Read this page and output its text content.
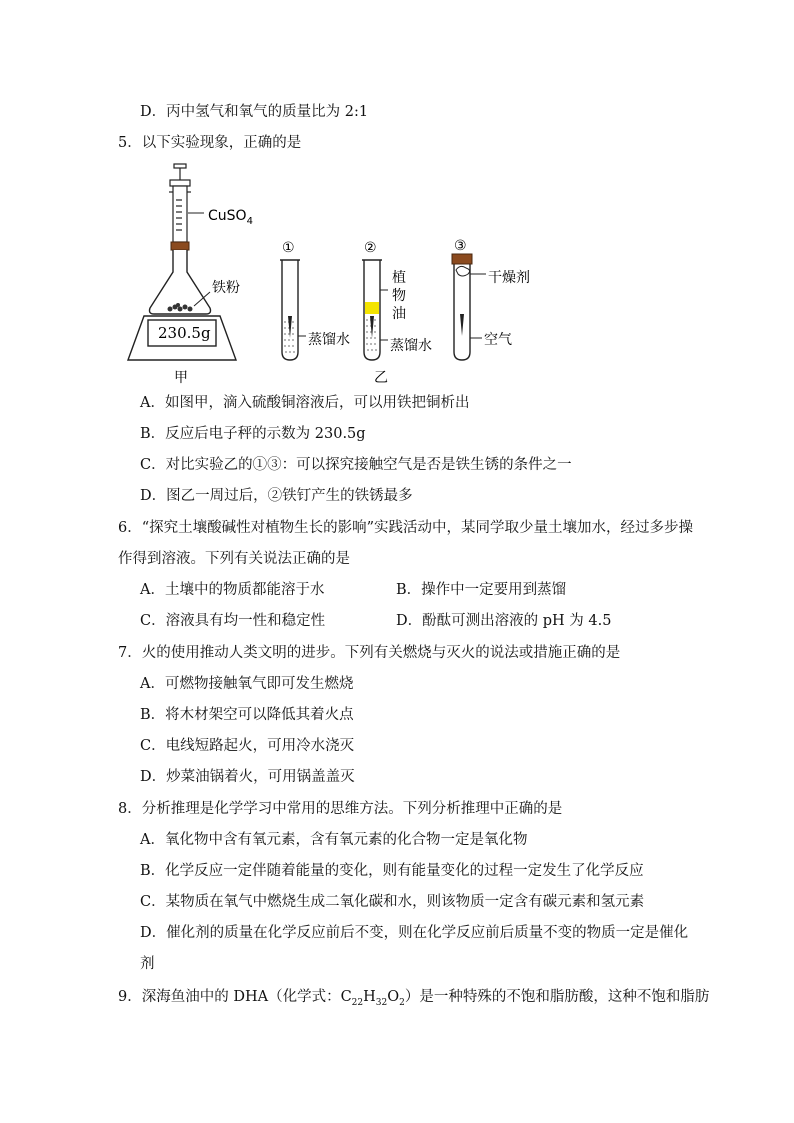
D．丙中氢气和氧气的质量比为 2:1
5．以下实验现象，正确的是
CuSO$_4$
铁粉
230.5g
甲
①
蒸馏水
②
植
物
油
蒸馏水
③
干燥剂
空气
乙
A．如图甲，滴入硫酸铜溶液后，可以用铁把铜析出
B．反应后电子秤的示数为 230.5g
C．对比实验乙的①③：可以探究接触空气是否是铁生锈的条件之一
D．图乙一周过后，②铁钉产生的铁锈最多
6．“探究土壤酸碱性对植物生长的影响”实践活动中，某同学取少量土壤加水，经过多步操
作得到溶液。下列有关说法正确的是
A．土壤中的物质都能溶于水	B．操作中一定要用到蒸馏
C．溶液具有均一性和稳定性	D．酚酞可测出溶液的 pH 为 4.5
7．火的使用推动人类文明的进步。下列有关燃烧与灭火的说法或措施正确的是
A．可燃物接触氧气即可发生燃烧
B．将木材架空可以降低其着火点
C．电线短路起火，可用冷水浇灭
D．炒菜油锅着火，可用锅盖盖灭
8．分析推理是化学学习中常用的思维方法。下列分析推理中正确的是
A．氧化物中含有氧元素，含有氧元素的化合物一定是氧化物
B．化学反应一定伴随着能量的变化，则有能量变化的过程一定发生了化学反应
C．某物质在氧气中燃烧生成二氧化碳和水，则该物质一定含有碳元素和氢元素
D．催化剂的质量在化学反应前后不变，则在化学反应前后质量不变的物质一定是催化
剂
9．深海鱼油中的 DHA（化学式：$C_{22}H_{32}O_2$）是一种特殊的不饱和脂肪酸，这种不饱和脂肪
